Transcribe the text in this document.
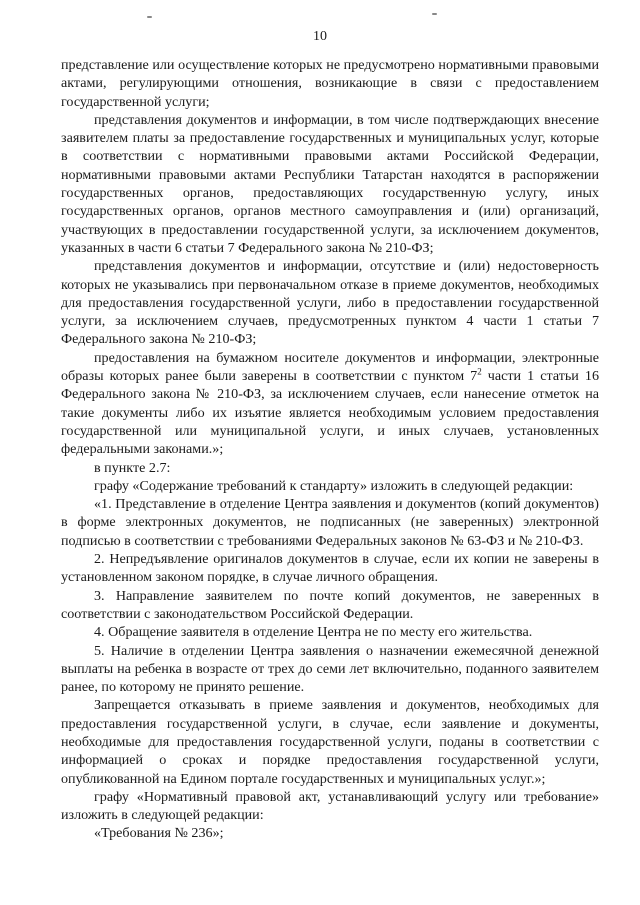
10

представление или осуществление которых не предусмотрено нормативными правовыми актами, регулирующими отношения, возникающие в связи с предоставлением государственной услуги;

представления документов и информации, в том числе подтверждающих внесение заявителем платы за предоставление государственных и муниципальных услуг, которые в соответствии с нормативными правовыми актами Российской Федерации, нормативными правовыми актами Республики Татарстан находятся в распоряжении государственных органов, предоставляющих государственную услугу, иных государственных органов, органов местного самоуправления и (или) организаций, участвующих в предоставлении государственной услуги, за исключением документов, указанных в части 6 статьи 7 Федерального закона № 210-ФЗ;

представления документов и информации, отсутствие и (или) недостоверность которых не указывались при первоначальном отказе в приеме документов, необходимых для предоставления государственной услуги, либо в предоставлении государственной услуги, за исключением случаев, предусмотренных пунктом 4 части 1 статьи 7 Федерального закона № 210-ФЗ;

предоставления на бумажном носителе документов и информации, электронные образы которых ранее были заверены в соответствии с пунктом $7^2$ части 1 статьи 16 Федерального закона № 210-ФЗ, за исключением случаев, если нанесение отметок на такие документы либо их изъятие является необходимым условием предоставления государственной или муниципальной услуги, и иных случаев, установленных федеральными законами.»;

в пункте 2.7:

графу «Содержание требований к стандарту» изложить в следующей редакции:

«1. Представление в отделение Центра заявления и документов (копий документов) в форме электронных документов, не подписанных (не заверенных) электронной подписью в соответствии с требованиями Федеральных законов № 63-ФЗ и № 210-ФЗ.

2. Непредъявление оригиналов документов в случае, если их копии не заверены в установленном законом порядке, в случае личного обращения.

3. Направление заявителем по почте копий документов, не заверенных в соответствии с законодательством Российской Федерации.

4. Обращение заявителя в отделение Центра не по месту его жительства.

5. Наличие в отделении Центра заявления о назначении ежемесячной денежной выплаты на ребенка в возрасте от трех до семи лет включительно, поданного заявителем ранее, по которому не принято решение.

Запрещается отказывать в приеме заявления и документов, необходимых для предоставления государственной услуги, в случае, если заявление и документы, необходимые для предоставления государственной услуги, поданы в соответствии с информацией о сроках и порядке предоставления государственной услуги, опубликованной на Едином портале государственных и муниципальных услуг.»;

графу «Нормативный правовой акт, устанавливающий услугу или требование» изложить в следующей редакции:

«Требования № 236»;
